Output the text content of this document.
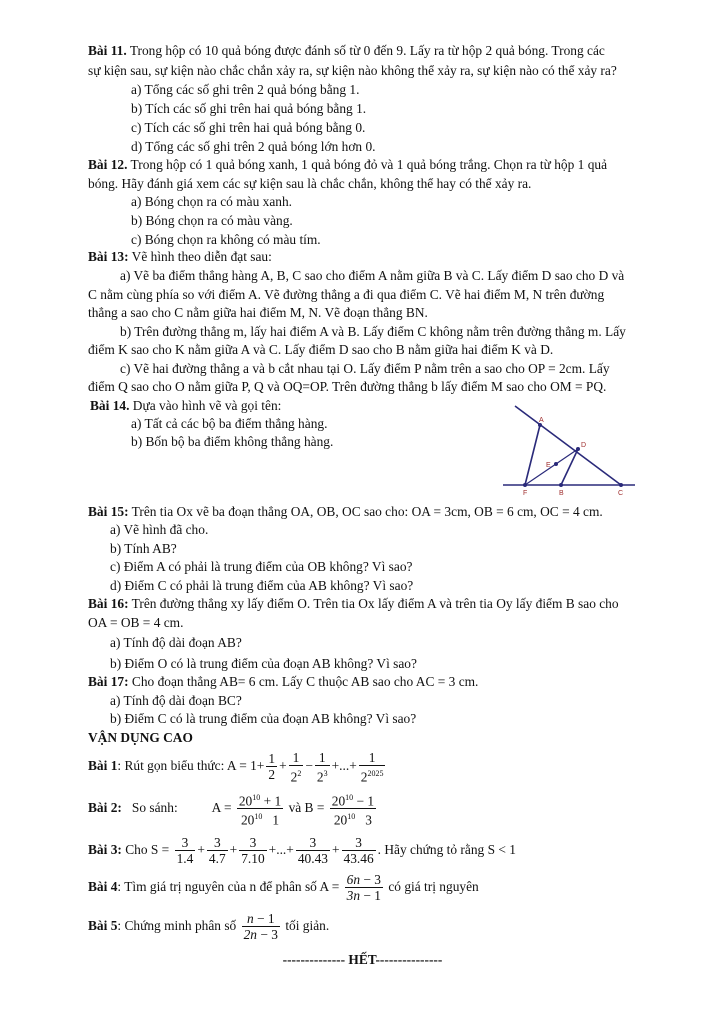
Bài 11. Trong hộp có 10 quả bóng được đánh số từ 0 đến 9. Lấy ra từ hộp 2 quả bóng. Trong các
sự kiện sau, sự kiện nào chắc chắn xảy ra, sự kiện nào không thể xảy ra, sự kiện nào có thể xảy ra?
a) Tổng các số ghi trên 2 quả bóng bằng 1.
b) Tích các số ghi trên hai quả bóng bằng 1.
c) Tích các số ghi trên hai quả bóng bằng 0.
d) Tổng các số ghi trên 2 quả bóng lớn hơn 0.
Bài 12. Trong hộp có 1 quả bóng xanh, 1 quả bóng đỏ và 1 quả bóng trắng. Chọn ra từ hộp 1 quả
bóng. Hãy đánh giá xem các sự kiện sau là chắc chắn, không thể hay có thể xảy ra.
a) Bóng chọn ra có màu xanh.
b) Bóng chọn ra có màu vàng.
c) Bóng chọn ra không có màu tím.
Bài 13: Vẽ hình theo diễn đạt sau:
a) Vẽ ba điểm thẳng hàng A, B, C sao cho điểm A nằm giữa B và C. Lấy điểm D sao cho D và
C nằm cùng phía so với điểm A. Vẽ đường thẳng a đi qua điểm C. Vẽ hai điểm M, N trên đường
thẳng a sao cho C nằm giữa hai điểm M, N. Vẽ đoạn thẳng BN.
b) Trên đường thẳng m, lấy hai điểm A và B. Lấy điểm C không nằm trên đường thẳng m. Lấy
điểm K sao cho K nằm giữa A và C. Lấy điểm D sao cho B nằm giữa hai điểm K và D.
c) Vẽ hai đường thẳng a và b cắt nhau tại O. Lấy điểm P nằm trên a sao cho OP = 2cm. Lấy
điểm Q sao cho O nằm giữa P, Q và OQ=OP. Trên đường thẳng b lấy điểm M sao cho OM = PQ.
Bài 14. Dựa vào hình vẽ và gọi tên:
a) Tất cả các bộ ba điểm thẳng hàng.
b) Bốn bộ ba điểm không thẳng hàng.
A
D
E
F	B	C
Bài 15: Trên tia Ox vẽ ba đoạn thẳng OA, OB, OC sao cho: OA = 3cm, OB = 6 cm, OC = 4 cm.
a) Vẽ hình đã cho.
b) Tính AB?
c) Điểm A có phải là trung điểm của OB không? Vì sao?
d) Điểm C có phải là trung điểm của AB không? Vì sao?
Bài 16: Trên đường thẳng xy lấy điểm O. Trên tia Ox lấy điểm A và trên tia Oy lấy điểm B sao cho
OA = OB = 4 cm.
a) Tính độ dài đoạn AB?
b) Điểm O có là trung điểm của đoạn AB không? Vì sao?
Bài 17: Cho đoạn thẳng AB= 6 cm. Lấy C thuộc AB sao cho AC = 3 cm.
a) Tính độ dài đoạn BC?
b) Điểm C có là trung điểm của đoạn AB không? Vì sao?
VẬN DỤNG CAO
Bài 1: Rút gọn biểu thức: $A = 1+ \frac{1}{2} + \frac{1}{2^2} - \frac{1}{2^3}$ +...+ $\frac{1}{2^{2025}}$
Bài 2: So sánh:	$A = \frac{20^{10} + 1}{20^{10} 1}$ và $B = \frac{20^{10} - 1}{20^{10} 3}$
Bài 3: Cho $S = \frac{3}{1.4} + \frac{3}{4.7} + \frac{3}{7.10}$ +...+ $\frac{3}{40.43} + \frac{3}{43.46}$ . Hãy chứng tỏ rằng S < 1
Bài 4: Tìm giá trị nguyên của n để phân số $A = \frac{6n - 3}{3n - 1}$ có giá trị nguyên
Bài 5: Chứng minh phân số $\frac{n - 1}{2n - 3}$ tối giản.
-------------- HẾT---------------
